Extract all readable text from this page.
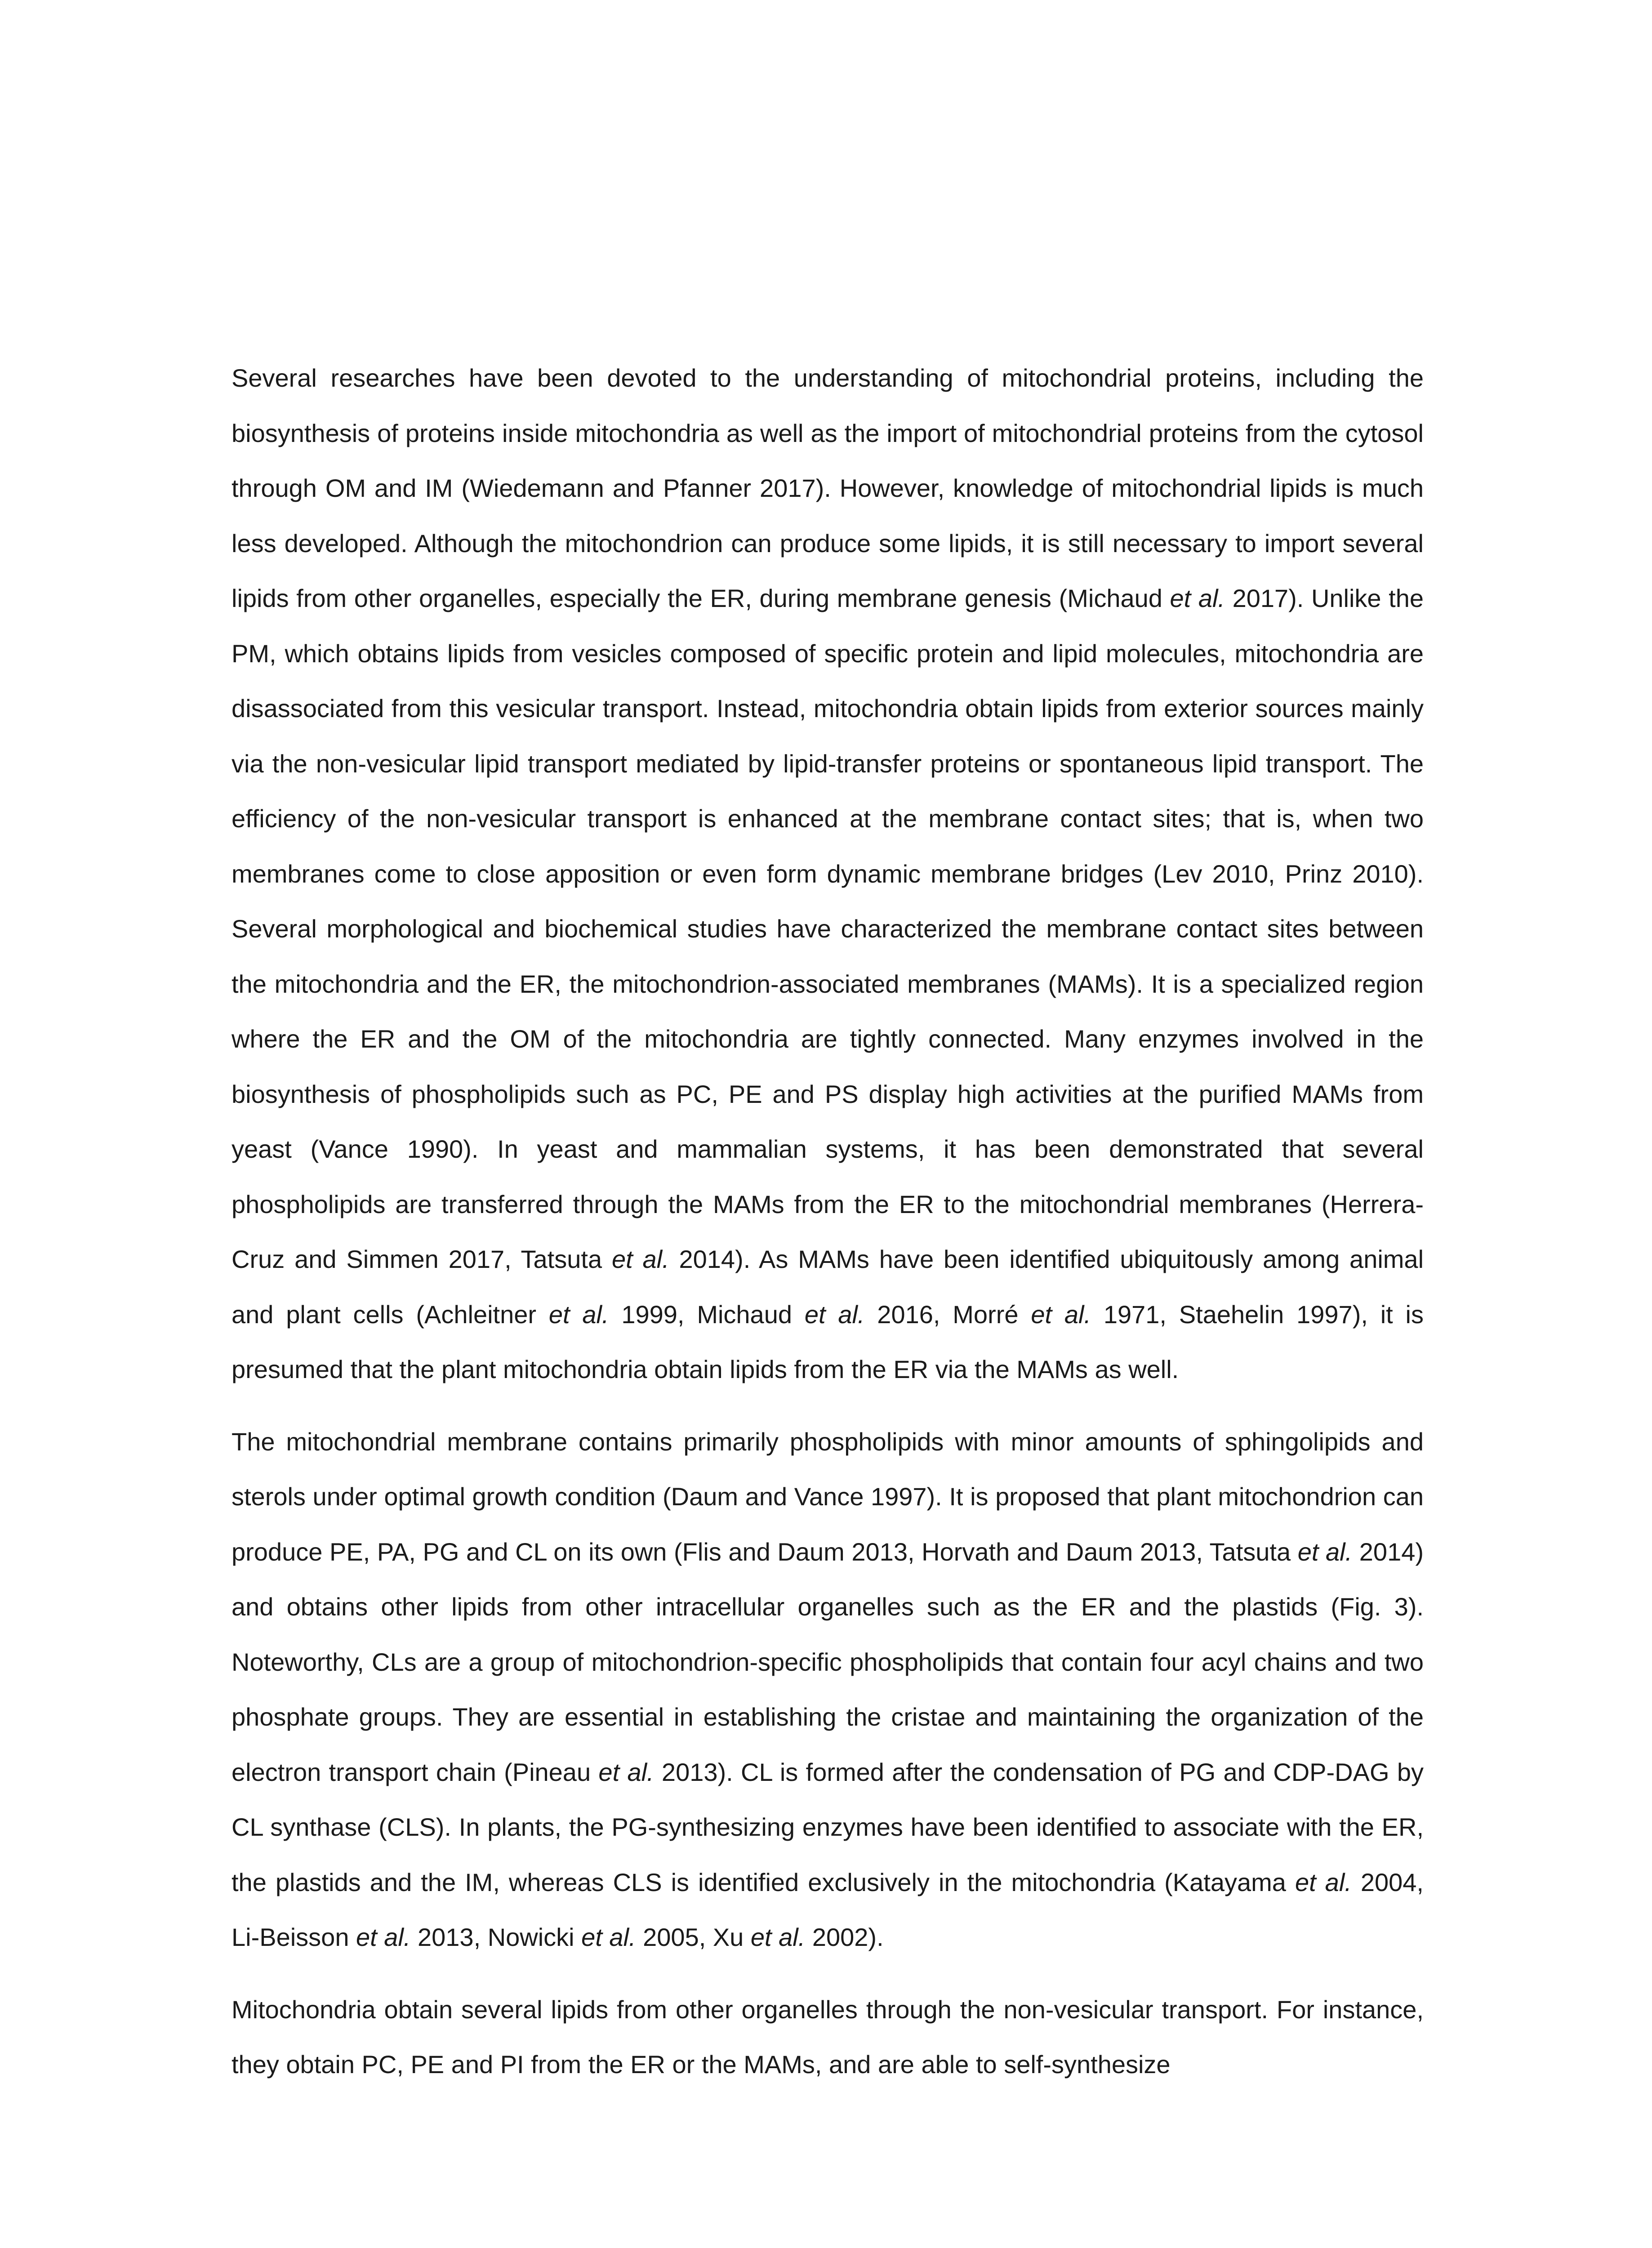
Several researches have been devoted to the understanding of mitochondrial proteins, including the biosynthesis of proteins inside mitochondria as well as the import of mitochondrial proteins from the cytosol through OM and IM (Wiedemann and Pfanner 2017). However, knowledge of mitochondrial lipids is much less developed. Although the mitochondrion can produce some lipids, it is still necessary to import several lipids from other organelles, especially the ER, during membrane genesis (Michaud et al. 2017). Unlike the PM, which obtains lipids from vesicles composed of specific protein and lipid molecules, mitochondria are disassociated from this vesicular transport. Instead, mitochondria obtain lipids from exterior sources mainly via the non-vesicular lipid transport mediated by lipid-transfer proteins or spontaneous lipid transport. The efficiency of the non-vesicular transport is enhanced at the membrane contact sites; that is, when two membranes come to close apposition or even form dynamic membrane bridges (Lev 2010, Prinz 2010). Several morphological and biochemical studies have characterized the membrane contact sites between the mitochondria and the ER, the mitochondrion-associated membranes (MAMs). It is a specialized region where the ER and the OM of the mitochondria are tightly connected. Many enzymes involved in the biosynthesis of phospholipids such as PC, PE and PS display high activities at the purified MAMs from yeast (Vance 1990). In yeast and mammalian systems, it has been demonstrated that several phospholipids are transferred through the MAMs from the ER to the mitochondrial membranes (Herrera-Cruz and Simmen 2017, Tatsuta et al. 2014). As MAMs have been identified ubiquitously among animal and plant cells (Achleitner et al. 1999, Michaud et al. 2016, Morré et al. 1971, Staehelin 1997), it is presumed that the plant mitochondria obtain lipids from the ER via the MAMs as well.

The mitochondrial membrane contains primarily phospholipids with minor amounts of sphingolipids and sterols under optimal growth condition (Daum and Vance 1997). It is proposed that plant mitochondrion can produce PE, PA, PG and CL on its own (Flis and Daum 2013, Horvath and Daum 2013, Tatsuta et al. 2014) and obtains other lipids from other intracellular organelles such as the ER and the plastids (Fig. 3). Noteworthy, CLs are a group of mitochondrion-specific phospholipids that contain four acyl chains and two phosphate groups. They are essential in establishing the cristae and maintaining the organization of the electron transport chain (Pineau et al. 2013). CL is formed after the condensation of PG and CDP-DAG by CL synthase (CLS). In plants, the PG-synthesizing enzymes have been identified to associate with the ER, the plastids and the IM, whereas CLS is identified exclusively in the mitochondria (Katayama et al. 2004, Li-Beisson et al. 2013, Nowicki et al. 2005, Xu et al. 2002).

Mitochondria obtain several lipids from other organelles through the non-vesicular transport. For instance, they obtain PC, PE and PI from the ER or the MAMs, and are able to self-synthesize
